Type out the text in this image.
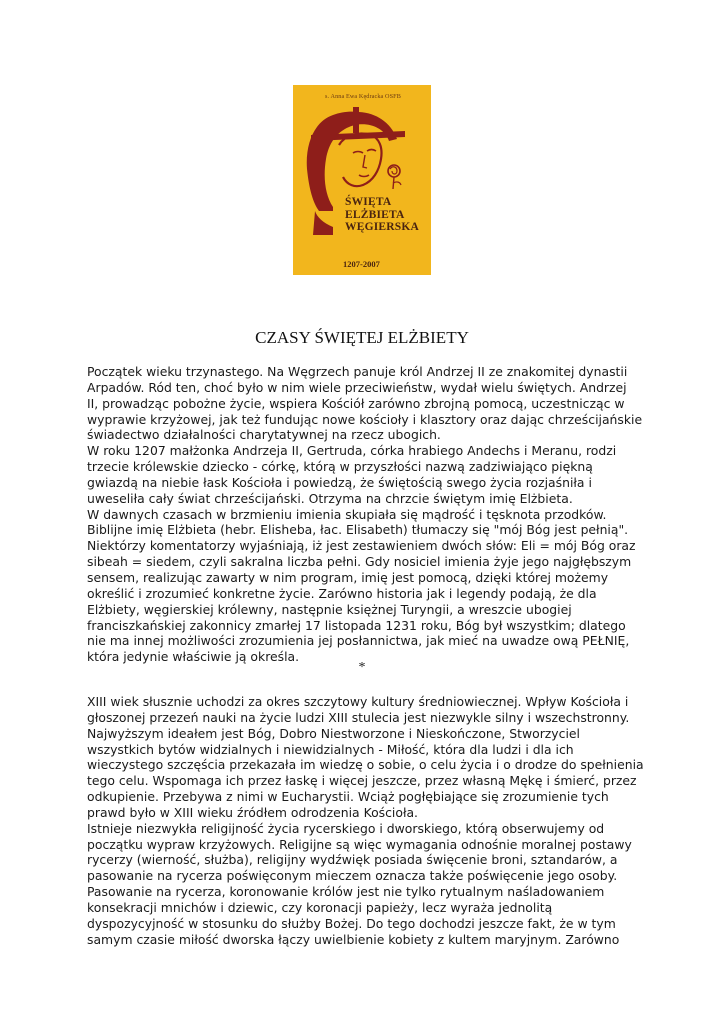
s. Anna Ewa Kędracka OSFB
ŚWIĘTA
ELŻBIETA
WĘGIERSKA
1207-2007
CZASY ŚWIĘTEJ ELŻBIETY

Początek wieku trzynastego. Na Węgrzech panuje król Andrzej II ze znakomitej dynastii
Arpadów. Ród ten, choć było w nim wiele przeciwieństw, wydał wielu świętych. Andrzej
II, prowadząc pobożne życie, wspiera Kościół zarówno zbrojną pomocą, uczestnicząc w
wyprawie krzyżowej, jak też fundując nowe kościoły i klasztory oraz dając chrześcijańskie
świadectwo działalności charytatywnej na rzecz ubogich.
W roku 1207 małżonka Andrzeja II, Gertruda, córka hrabiego Andechs i Meranu, rodzi
trzecie królewskie dziecko - córkę, którą w przyszłości nazwą zadziwiająco piękną
gwiazdą na niebie łask Kościoła i powiedzą, że świętością swego życia rozjaśniła i
uweseliła cały świat chrześcijański. Otrzyma na chrzcie świętym imię Elżbieta.
W dawnych czasach w brzmieniu imienia skupiała się mądrość i tęsknota przodków.
Biblijne imię Elżbieta (hebr. Elisheba, łac. Elisabeth) tłumaczy się "mój Bóg jest pełnią".
Niektórzy komentatorzy wyjaśniają, iż jest zestawieniem dwóch słów: Eli = mój Bóg oraz
sibeah = siedem, czyli sakralna liczba pełni. Gdy nosiciel imienia żyje jego najgłębszym
sensem, realizując zawarty w nim program, imię jest pomocą, dzięki której możemy
określić i zrozumieć konkretne życie. Zarówno historia jak i legendy podają, że dla
Elżbiety, węgierskiej królewny, następnie księżnej Turyngii, a wreszcie ubogiej
franciszkańskiej zakonnicy zmarłej 17 listopada 1231 roku, Bóg był wszystkim; dlatego
nie ma innej możliwości zrozumienia jej posłannictwa, jak mieć na uwadze ową PEŁNIĘ,
która jedynie właściwie ją określa.

*

XIII wiek słusznie uchodzi za okres szczytowy kultury średniowiecznej. Wpływ Kościoła i
głoszonej przezeń nauki na życie ludzi XIII stulecia jest niezwykle silny i wszechstronny.
Najwyższym ideałem jest Bóg, Dobro Niestworzone i Nieskończone, Stworzyciel
wszystkich bytów widzialnych i niewidzialnych - Miłość, która dla ludzi i dla ich
wieczystego szczęścia przekazała im wiedzę o sobie, o celu życia i o drodze do spełnienia
tego celu. Wspomaga ich przez łaskę i więcej jeszcze, przez własną Mękę i śmierć, przez
odkupienie. Przebywa z nimi w Eucharystii. Wciąż pogłębiające się zrozumienie tych
prawd było w XIII wieku źródłem odrodzenia Kościoła.
Istnieje niezwykła religijność życia rycerskiego i dworskiego, którą obserwujemy od
początku wypraw krzyżowych. Religijne są więc wymagania odnośnie moralnej postawy
rycerzy (wierność, służba), religijny wydźwięk posiada święcenie broni, sztandarów, a
pasowanie na rycerza poświęconym mieczem oznacza także poświęcenie jego osoby.
Pasowanie na rycerza, koronowanie królów jest nie tylko rytualnym naśladowaniem
konsekracji mnichów i dziewic, czy koronacji papieży, lecz wyraża jednolitą
dyspozycyjność w stosunku do służby Bożej. Do tego dochodzi jeszcze fakt, że w tym
samym czasie miłość dworska łączy uwielbienie kobiety z kultem maryjnym. Zarówno
